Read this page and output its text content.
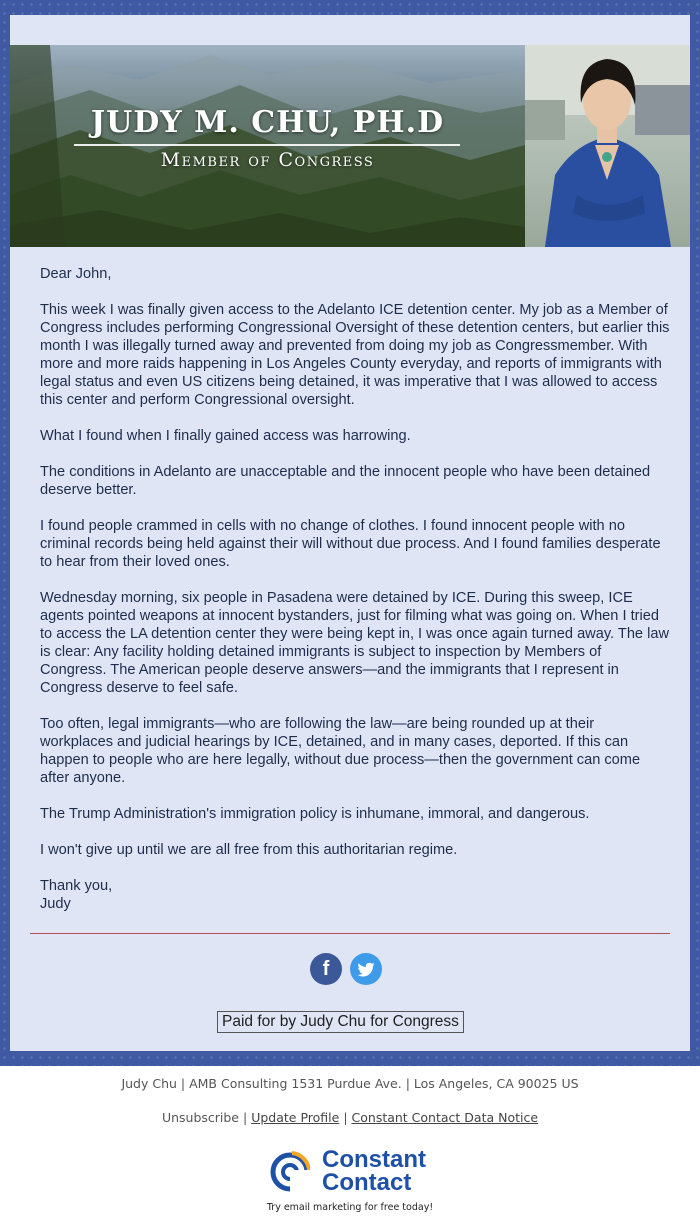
JUDY M. CHU, PH.D
Member of Congress

Dear John,

This week I was finally given access to the Adelanto ICE detention center. My job as a Member of Congress includes performing Congressional Oversight of these detention centers, but earlier this month I was illegally turned away and prevented from doing my job as Congressmember. With more and more raids happening in Los Angeles County everyday, and reports of immigrants with legal status and even US citizens being detained, it was imperative that I was allowed to access this center and perform Congressional oversight.

What I found when I finally gained access was harrowing.

The conditions in Adelanto are unacceptable and the innocent people who have been detained deserve better.

I found people crammed in cells with no change of clothes. I found innocent people with no criminal records being held against their will without due process. And I found families desperate to hear from their loved ones.

Wednesday morning, six people in Pasadena were detained by ICE. During this sweep, ICE agents pointed weapons at innocent bystanders, just for filming what was going on. When I tried to access the LA detention center they were being kept in, I was once again turned away. The law is clear: Any facility holding detained immigrants is subject to inspection by Members of Congress. The American people deserve answers—and the immigrants that I represent in Congress deserve to feel safe.

Too often, legal immigrants—who are following the law—are being rounded up at their workplaces and judicial hearings by ICE, detained, and in many cases, deported. If this can happen to people who are here legally, without due process—then the government can come after anyone.

The Trump Administration's immigration policy is inhumane, immoral, and dangerous.

I won't give up until we are all free from this authoritarian regime.

Thank you,
Judy

f
Paid for by Judy Chu for Congress
Judy Chu | AMB Consulting 1531 Purdue Ave. | Los Angeles, CA 90025 US
Unsubscribe | Update Profile | Constant Contact Data Notice
Constant
Contact
Try email marketing for free today!
